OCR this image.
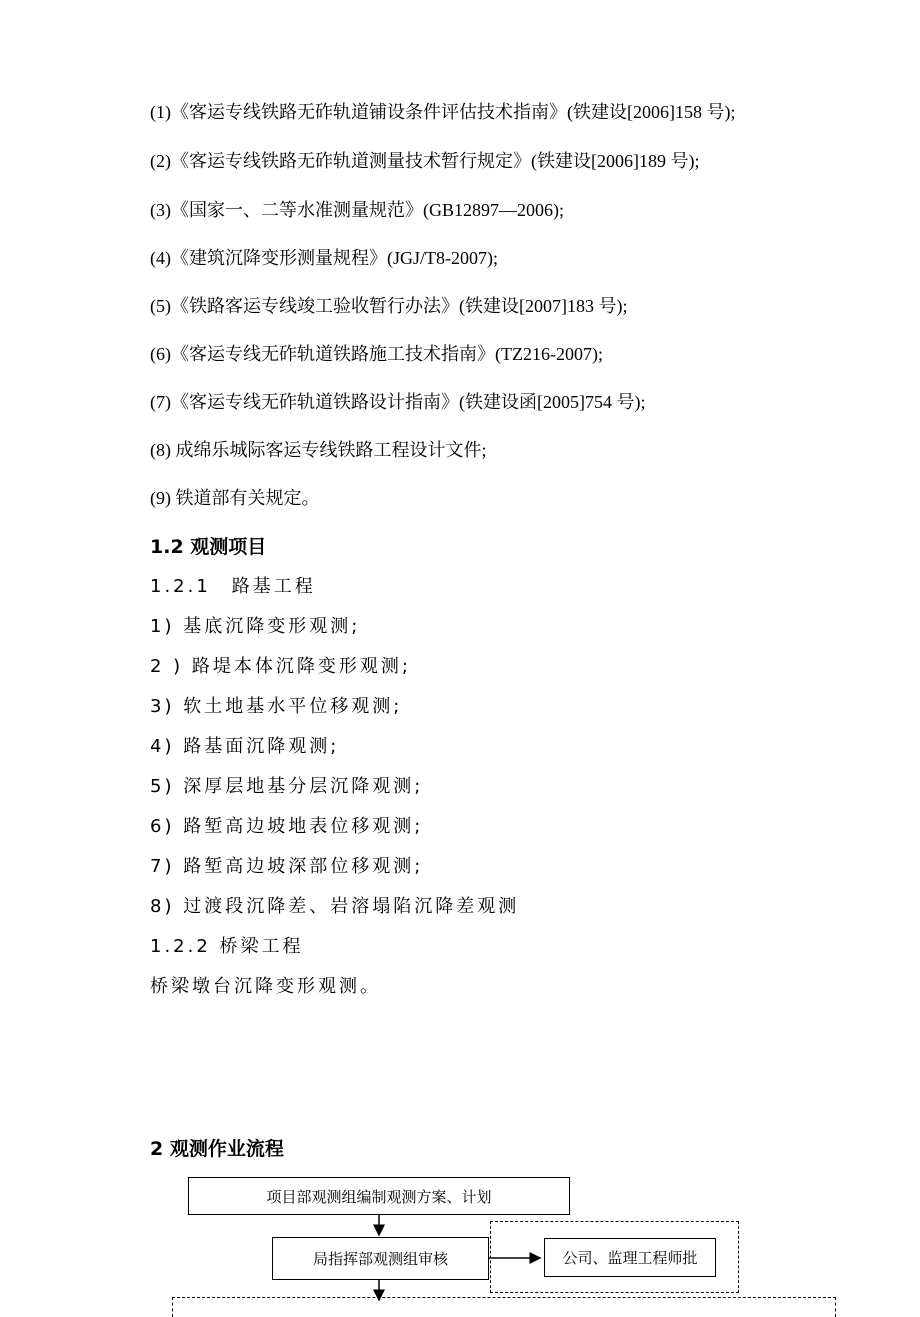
(1)《客运专线铁路无砟轨道铺设条件评估技术指南》(铁建设[2006]158 号);
(2)《客运专线铁路无砟轨道测量技术暂行规定》(铁建设[2006]189 号);
(3)《国家一、二等水准测量规范》(GB12897—2006);
(4)《建筑沉降变形测量规程》(JGJ/T8-2007);
(5)《铁路客运专线竣工验收暂行办法》(铁建设[2007]183 号);
(6)《客运专线无砟轨道铁路施工技术指南》(TZ216-2007);
(7)《客运专线无砟轨道铁路设计指南》(铁建设函[2005]754 号);
(8) 成绵乐城际客运专线铁路工程设计文件;
(9) 铁道部有关规定。
1.2 观测项目
1.2.1　路基工程
1) 基底沉降变形观测;
2 ) 路堤本体沉降变形观测;
3) 软土地基水平位移观测;
4) 路基面沉降观测;
5) 深厚层地基分层沉降观测;
6) 路堑高边坡地表位移观测;
7) 路堑高边坡深部位移观测;
8) 过渡段沉降差、岩溶塌陷沉降差观测
1.2.2 桥梁工程
桥梁墩台沉降变形观测。
2 观测作业流程
项目部观测组编制观测方案、计划
局指挥部观测组审核	公司、监理工程师批
